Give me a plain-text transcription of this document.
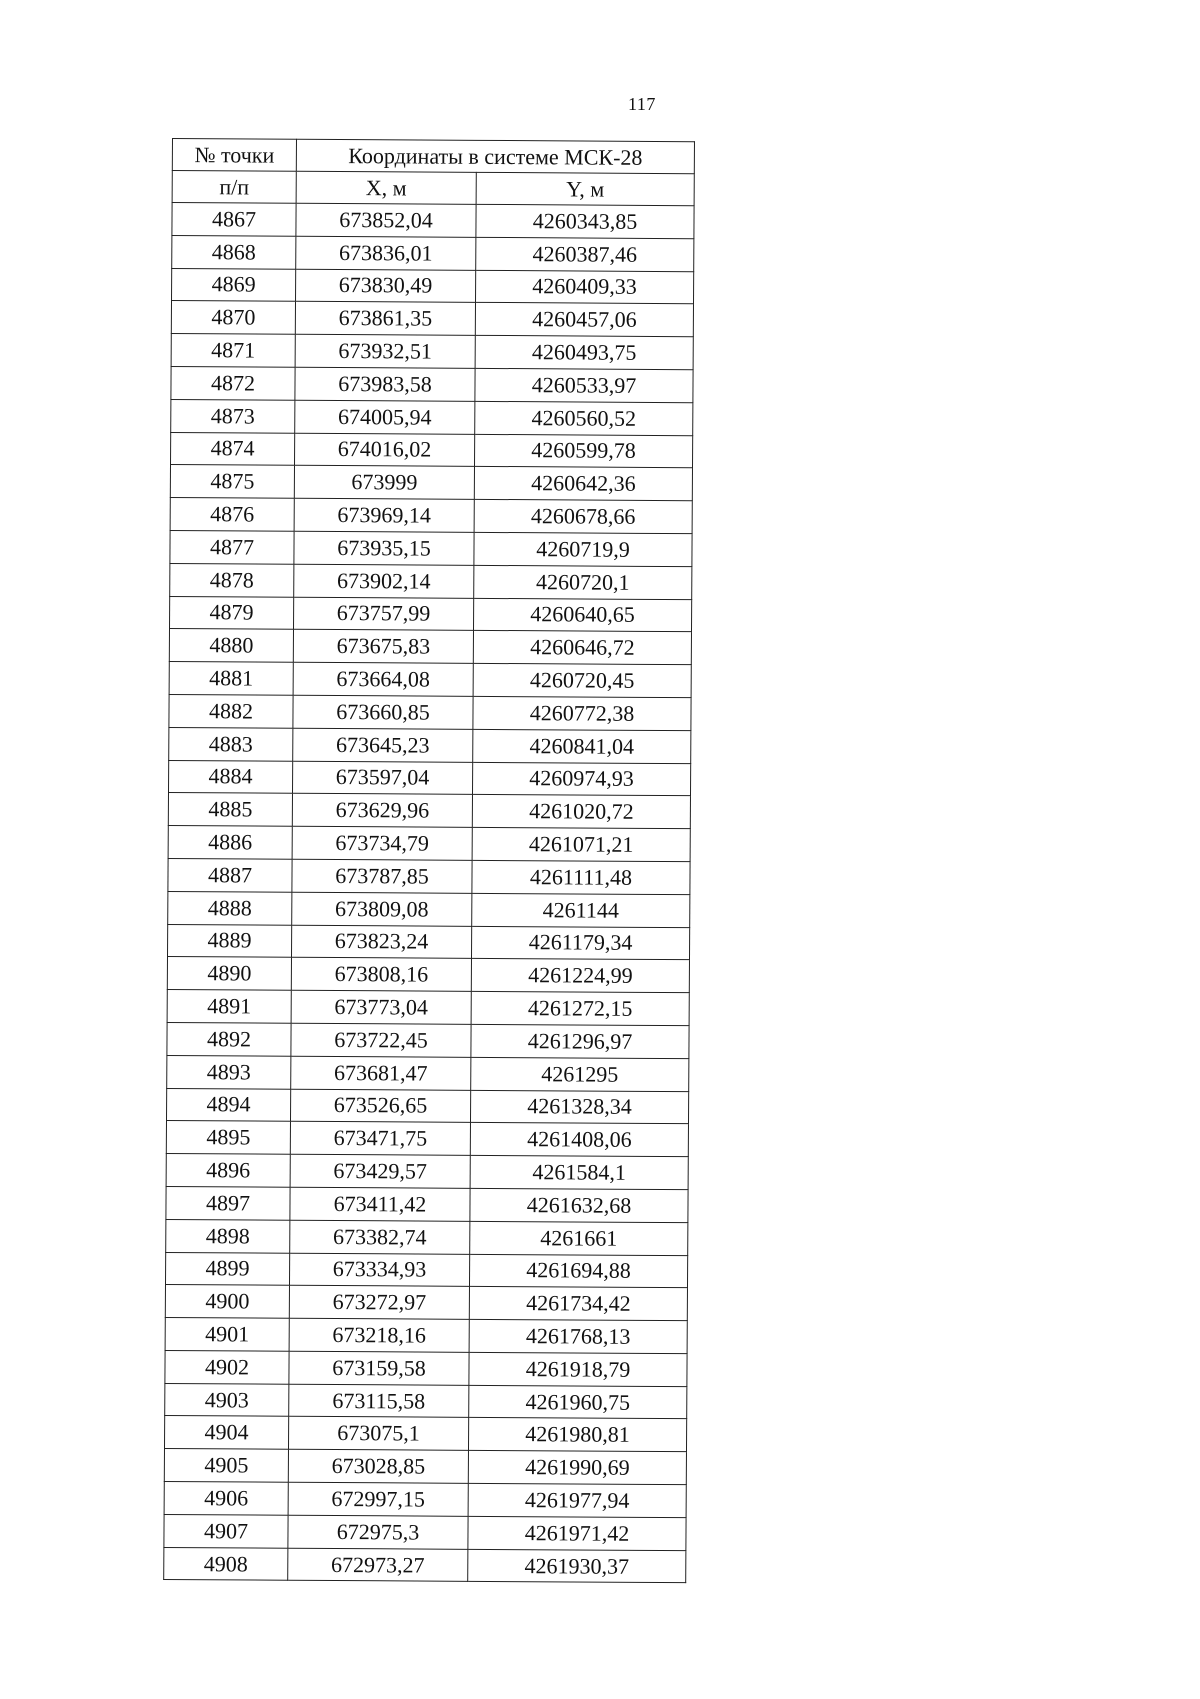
117
№ точки	Координаты в системе МСК-28	
п/п	X, м	Y, м
4867	673852,04	4260343,85
4868	673836,01	4260387,46
4869	673830,49	4260409,33
4870	673861,35	4260457,06
4871	673932,51	4260493,75
4872	673983,58	4260533,97
4873	674005,94	4260560,52
4874	674016,02	4260599,78
4875	673999	4260642,36
4876	673969,14	4260678,66
4877	673935,15	4260719,9
4878	673902,14	4260720,1
4879	673757,99	4260640,65
4880	673675,83	4260646,72
4881	673664,08	4260720,45
4882	673660,85	4260772,38
4883	673645,23	4260841,04
4884	673597,04	4260974,93
4885	673629,96	4261020,72
4886	673734,79	4261071,21
4887	673787,85	4261111,48
4888	673809,08	4261144
4889	673823,24	4261179,34
4890	673808,16	4261224,99
4891	673773,04	4261272,15
4892	673722,45	4261296,97
4893	673681,47	4261295
4894	673526,65	4261328,34
4895	673471,75	4261408,06
4896	673429,57	4261584,1
4897	673411,42	4261632,68
4898	673382,74	4261661
4899	673334,93	4261694,88
4900	673272,97	4261734,42
4901	673218,16	4261768,13
4902	673159,58	4261918,79
4903	673115,58	4261960,75
4904	673075,1	4261980,81
4905	673028,85	4261990,69
4906	672997,15	4261977,94
4907	672975,3	4261971,42
4908	672973,27	4261930,37
